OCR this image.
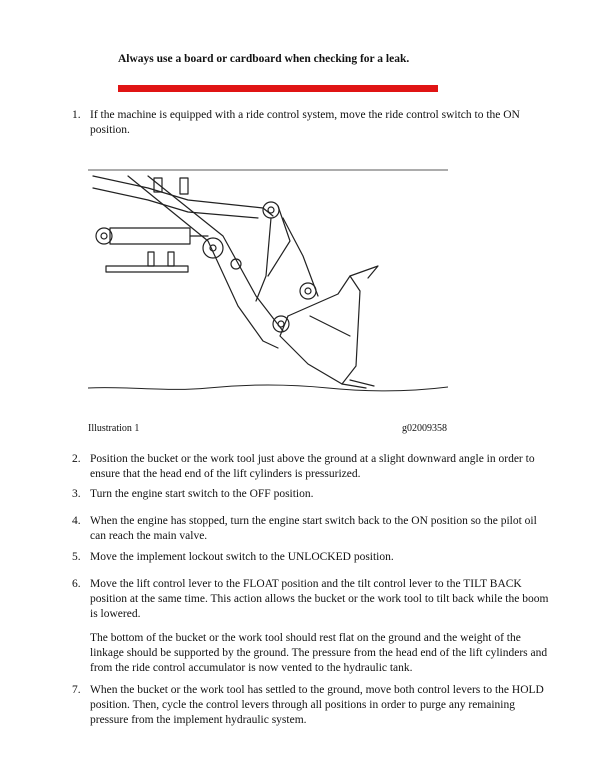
Always use a board or cardboard when checking for a leak.
1. If the machine is equipped with a ride control system, move the ride control switch to the ON position.
Illustration 1	g02009358
2. Position the bucket or the work tool just above the ground at a slight downward angle in order to ensure that the head end of the lift cylinders is pressurized.
3. Turn the engine start switch to the OFF position.
4. When the engine has stopped, turn the engine start switch back to the ON position so the pilot oil can reach the main valve.
5. Move the implement lockout switch to the UNLOCKED position.
6. Move the lift control lever to the FLOAT position and the tilt control lever to the TILT BACK position at the same time. This action allows the bucket or the work tool to tilt back while the boom is lowered.
The bottom of the bucket or the work tool should rest flat on the ground and the weight of the linkage should be supported by the ground. The pressure from the head end of the lift cylinders and from the ride control accumulator is now vented to the hydraulic tank.
7. When the bucket or the work tool has settled to the ground, move both control levers to the HOLD position. Then, cycle the control levers through all positions in order to purge any remaining pressure from the implement hydraulic system.
